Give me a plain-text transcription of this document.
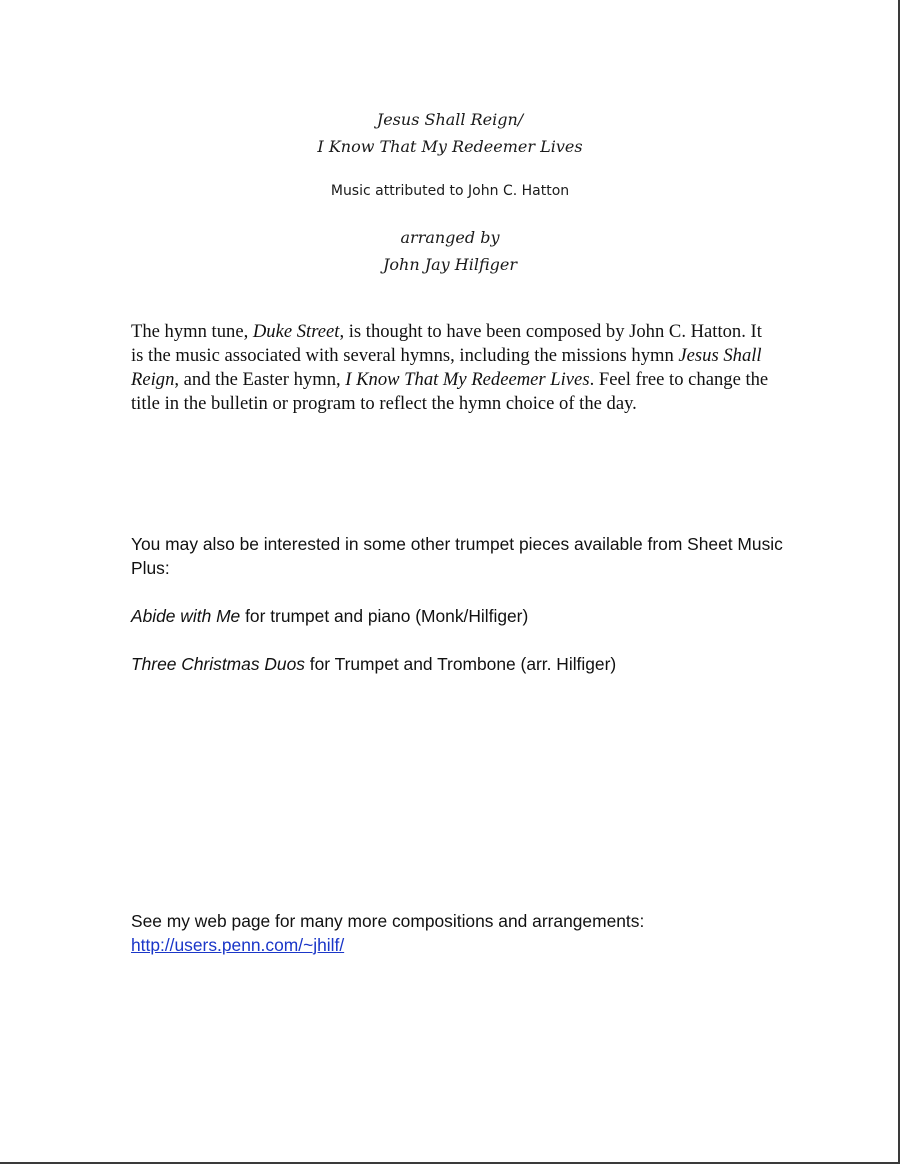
Jesus Shall Reign/
I Know That My Redeemer Lives
Music attributed to John C. Hatton
arranged by
John Jay Hilfiger

The hymn tune, Duke Street, is thought to have been composed by John C. Hatton. It is the music associated with several hymns, including the missions hymn Jesus Shall Reign, and the Easter hymn, I Know That My Redeemer Lives. Feel free to change the title in the bulletin or program to reflect the hymn choice of the day.

You may also be interested in some other trumpet pieces available from Sheet Music Plus:

Abide with Me for trumpet and piano (Monk/Hilfiger)

Three Christmas Duos for Trumpet and Trombone (arr. Hilfiger)

See my web page for many more compositions and arrangements:
http://users.penn.com/~jhilf/
